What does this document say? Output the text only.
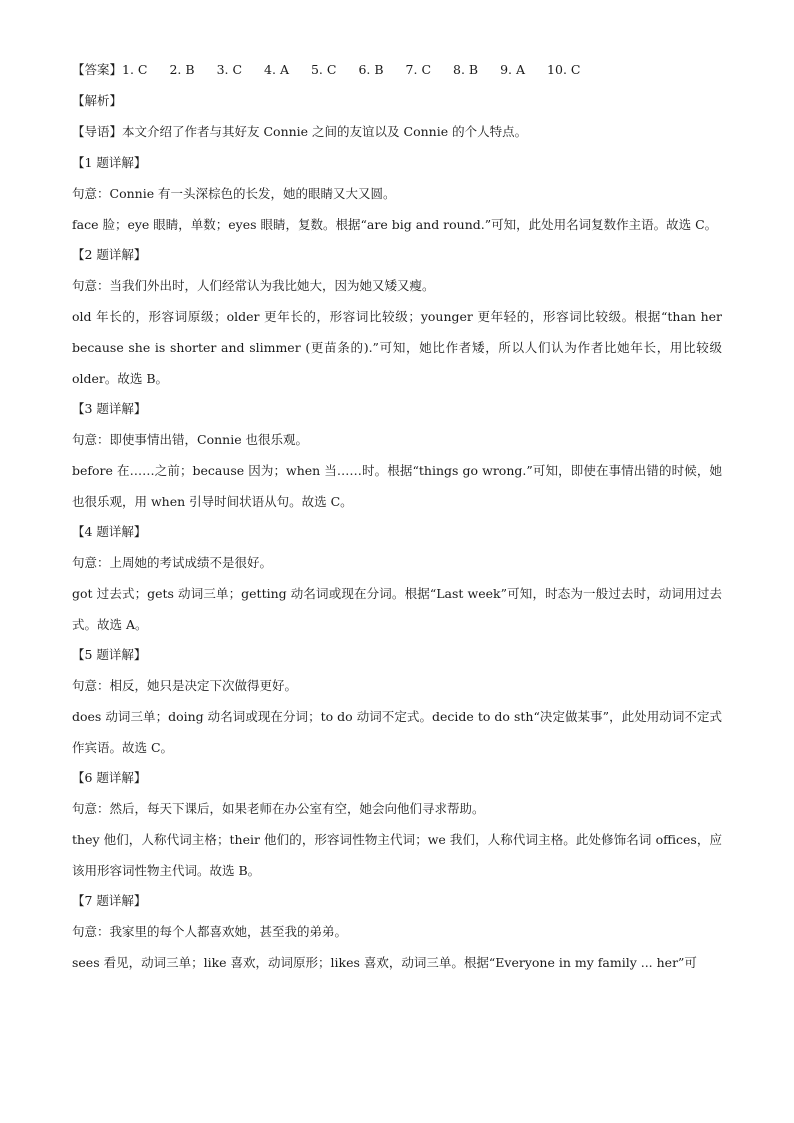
【答案】 1. C 2. B 3. C 4. A 5. C 6. B 7. C 8. B 9. A 10. C
【解析】
【导语】本文介绍了作者与其好友 Connie 之间的友谊以及 Connie 的个人特点。
【1 题详解】
句意：Connie 有一头深棕色的长发，她的眼睛又大又圆。
face 脸；eye 眼睛，单数；eyes 眼睛，复数。根据“are big and round.”可知，此处用名词复数作主语。故选 C。
【2 题详解】
句意：当我们外出时，人们经常认为我比她大，因为她又矮又瘦。
old 年长的，形容词原级；older 更年长的，形容词比较级；younger 更年轻的，形容词比较级。根据“than her because she is shorter and slimmer (更苗条的).”可知，她比作者矮，所以人们认为作者比她年长，用比较级 older。故选 B。
【3 题详解】
句意：即使事情出错，Connie 也很乐观。
before 在……之前；because 因为；when 当……时。根据“things go wrong.”可知，即使在事情出错的时候，她也很乐观，用 when 引导时间状语从句。故选 C。
【4 题详解】
句意：上周她的考试成绩不是很好。
got 过去式；gets 动词三单；getting 动名词或现在分词。根据“Last week”可知，时态为一般过去时，动词用过去式。故选 A。
【5 题详解】
句意：相反，她只是决定下次做得更好。
does 动词三单；doing 动名词或现在分词；to do 动词不定式。decide to do sth“决定做某事”，此处用动词不定式作宾语。故选 C。
【6 题详解】
句意：然后，每天下课后，如果老师在办公室有空，她会向他们寻求帮助。
they 他们，人称代词主格；their 他们的，形容词性物主代词；we 我们，人称代词主格。此处修饰名词 offices，应该用形容词性物主代词。故选 B。
【7 题详解】
句意：我家里的每个人都喜欢她，甚至我的弟弟。
sees 看见，动词三单；like 喜欢，动词原形；likes 喜欢，动词三单。根据“Everyone in my family ... her”可
